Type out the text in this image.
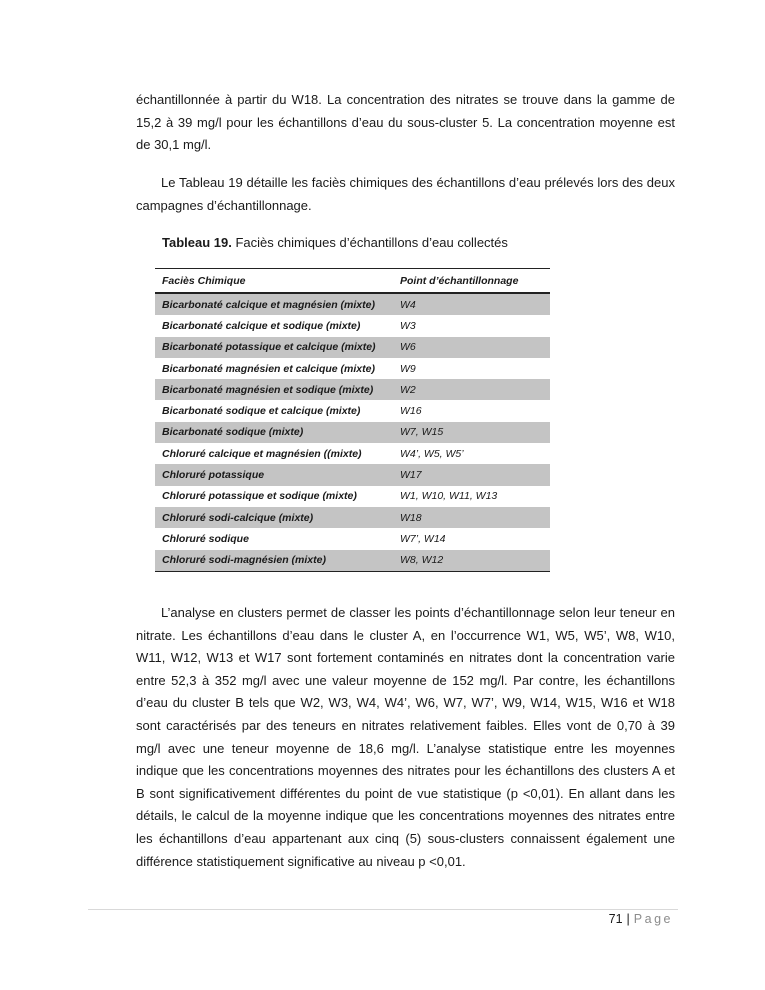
échantillonnée à partir du W18. La concentration des nitrates se trouve dans la gamme de 15,2 à 39 mg/l pour les échantillons d’eau du sous-cluster 5. La concentration moyenne est de 30,1 mg/l.

Le Tableau 19 détaille les faciès chimiques des échantillons d’eau prélevés lors des deux campagnes d’échantillonnage.

Tableau 19. Faciès chimiques d’échantillons d’eau collectés
Faciès Chimique	Point d’échantillonnage
Bicarbonaté calcique et magnésien (mixte)	W4
Bicarbonaté calcique et sodique (mixte)	W3
Bicarbonaté potassique et calcique (mixte)	W6
Bicarbonaté magnésien et calcique (mixte)	W9
Bicarbonaté magnésien et sodique (mixte)	W2
Bicarbonaté sodique et calcique (mixte)	W16
Bicarbonaté sodique (mixte)	W7, W15
Chloruré calcique et magnésien ((mixte)	W4’, W5, W5’
Chloruré potassique	W17
Chloruré potassique et sodique (mixte)	W1, W10, W11, W13
Chloruré sodi-calcique (mixte)	W18
Chloruré sodique	W7’, W14
Chloruré sodi-magnésien (mixte)	W8, W12

L’analyse en clusters permet de classer les points d’échantillonnage selon leur teneur en nitrate. Les échantillons d’eau dans le cluster A, en l’occurrence W1, W5, W5’, W8, W10, W11, W12, W13 et W17 sont fortement contaminés en nitrates dont la concentration varie entre 52,3 à 352 mg/l avec une valeur moyenne de 152 mg/l. Par contre, les échantillons d’eau du cluster B tels que W2, W3, W4, W4’, W6, W7, W7’, W9, W14, W15, W16 et W18 sont caractérisés par des teneurs en nitrates relativement faibles. Elles vont de 0,70 à 39 mg/l avec une teneur moyenne de 18,6 mg/l. L’analyse statistique entre les moyennes indique que les concentrations moyennes des nitrates pour les échantillons des clusters A et B sont significativement différentes du point de vue statistique (p <0,01). En allant dans les détails, le calcul de la moyenne indique que les concentrations moyennes des nitrates entre les échantillons d’eau appartenant aux cinq (5) sous-clusters connaissent également une différence statistiquement significative au niveau p <0,01.

71 | Page
